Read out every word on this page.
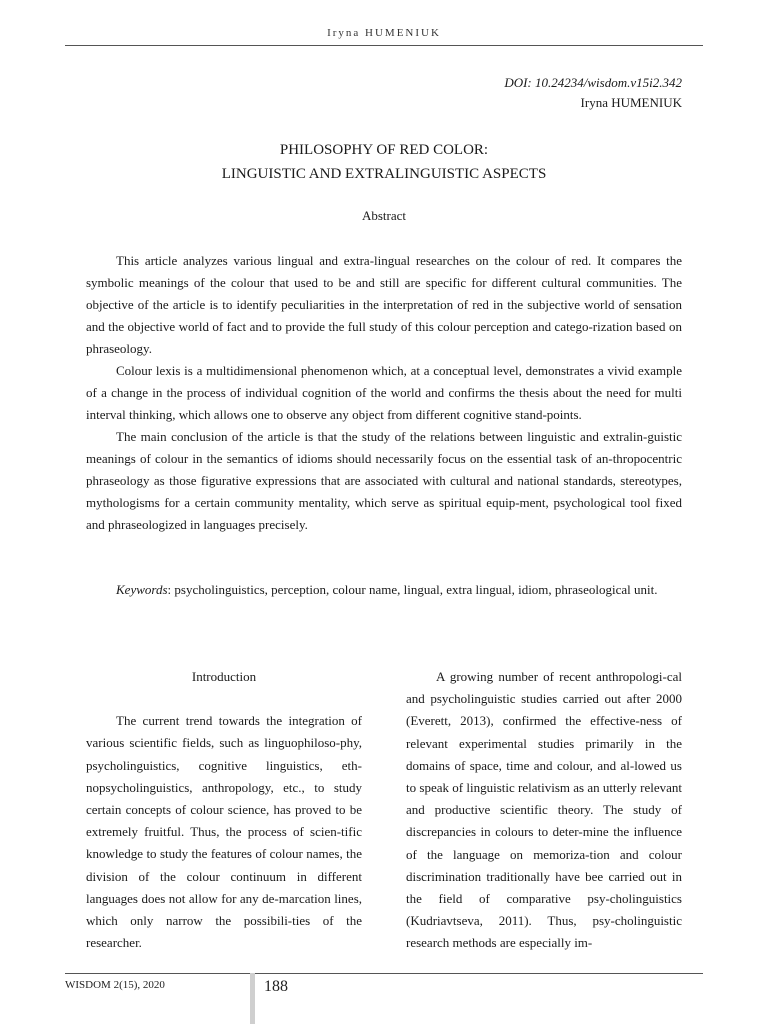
Iryna HUMENIUK
DOI: 10.24234/wisdom.v15i2.342
Iryna HUMENIUK
PHILOSOPHY OF RED COLOR:
LINGUISTIC AND EXTRALINGUISTIC ASPECTS
Abstract

This article analyzes various lingual and extra-lingual researches on the colour of red. It compares the symbolic meanings of the colour that used to be and still are specific for different cultural communities. The objective of the article is to identify peculiarities in the interpretation of red in the subjective world of sensation and the objective world of fact and to provide the full study of this colour perception and catego-rization based on phraseology.

Colour lexis is a multidimensional phenomenon which, at a conceptual level, demonstrates a vivid example of a change in the process of individual cognition of the world and confirms the thesis about the need for multi interval thinking, which allows one to observe any object from different cognitive stand-points.

The main conclusion of the article is that the study of the relations between linguistic and extralin-guistic meanings of colour in the semantics of idioms should necessarily focus on the essential task of an-thropocentric phraseology as those figurative expressions that are associated with cultural and national standards, stereotypes, mythologisms for a certain community mentality, which serve as spiritual equip-ment, psychological tool fixed and phraseologized in languages precisely.

Keywords: psycholinguistics, perception, colour name, lingual, extra lingual, idiom, phraseological unit.
Introduction

The current trend towards the integration of various scientific fields, such as linguophiloso-phy, psycholinguistics, cognitive linguistics, eth-nopsycholinguistics, anthropology, etc., to study certain concepts of colour science, has proved to be extremely fruitful. Thus, the process of scien-tific knowledge to study the features of colour names, the division of the colour continuum in different languages does not allow for any de-marcation lines, which only narrow the possibili-ties of the researcher.

A growing number of recent anthropologi-cal and psycholinguistic studies carried out after 2000 (Everett, 2013), confirmed the effective-ness of relevant experimental studies primarily in the domains of space, time and colour, and al-lowed us to speak of linguistic relativism as an utterly relevant and productive scientific theory. The study of discrepancies in colours to deter-mine the influence of the language on memoriza-tion and colour discrimination traditionally have bee carried out in the field of comparative psy-cholinguistics (Kudriavtseva, 2011). Thus, psy-cholinguistic research methods are especially im-

WISDOM 2(15), 2020	188
